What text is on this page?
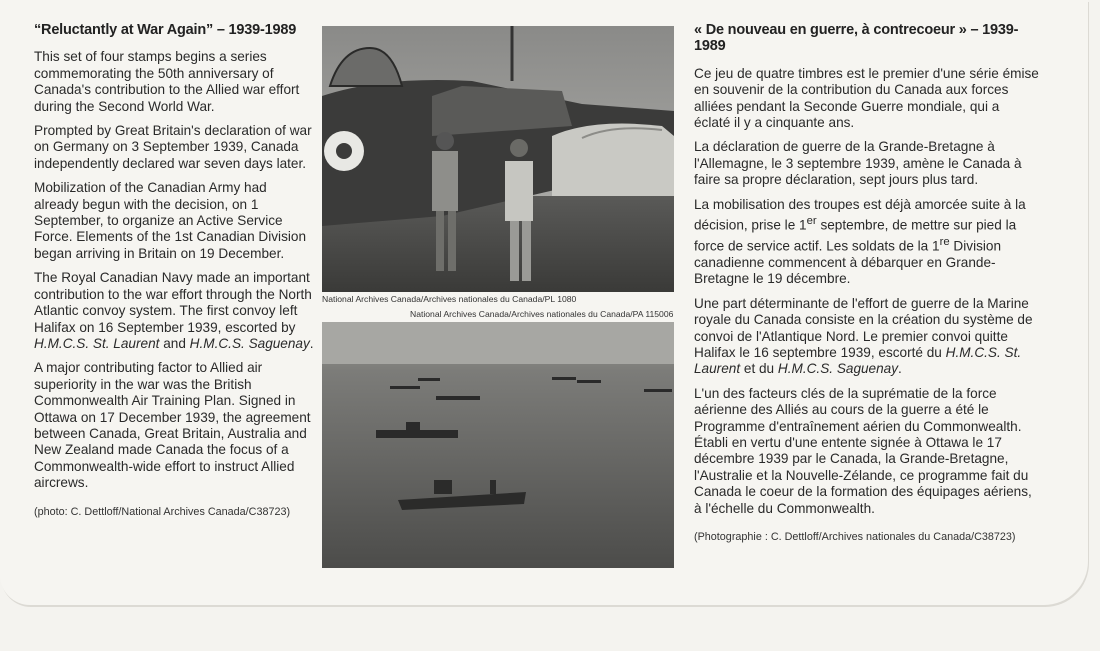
“Reluctantly at War Again” – 1939-1989

This set of four stamps begins a series commemorating the 50th anniversary of Canada's contribution to the Allied war effort during the Second World War.

Prompted by Great Britain's declaration of war on Germany on 3 September 1939, Canada independently declared war seven days later.

Mobilization of the Canadian Army had already begun with the decision, on 1 September, to organize an Active Service Force. Elements of the 1st Canadian Division began arriving in Britain on 19 December.

The Royal Canadian Navy made an important contribution to the war effort through the North Atlantic convoy system. The first convoy left Halifax on 16 September 1939, escorted by H.M.C.S. St. Laurent and H.M.C.S. Saguenay.

A major contributing factor to Allied air superiority in the war was the British Commonwealth Air Training Plan. Signed in Ottawa on 17 December 1939, the agreement between Canada, Great Britain, Australia and New Zealand made Canada the focus of a Commonwealth-wide effort to instruct Allied aircrews.

(photo: C. Dettloff/National Archives Canada/C38723)
National Archives Canada/Archives nationales du Canada/PL 1080
National Archives Canada/Archives nationales du Canada/PA 115006
« De nouveau en guerre, à contrecoeur » – 1939-1989

Ce jeu de quatre timbres est le premier d'une série émise en souvenir de la contribution du Canada aux forces alliées pendant la Seconde Guerre mondiale, qui a éclaté il y a cinquante ans.

La déclaration de guerre de la Grande-Bretagne à l'Allemagne, le 3 septembre 1939, amène le Canada à faire sa propre déclaration, sept jours plus tard.

La mobilisation des troupes est déjà amorcée suite à la décision, prise le 1er septembre, de mettre sur pied la force de service actif. Les soldats de la 1re Division canadienne commencent à débarquer en Grande-Bretagne le 19 décembre.

Une part déterminante de l'effort de guerre de la Marine royale du Canada consiste en la création du système de convoi de l'Atlantique Nord. Le premier convoi quitte Halifax le 16 septembre 1939, escorté du H.M.C.S. St. Laurent et du H.M.C.S. Saguenay.

L'un des facteurs clés de la suprématie de la force aérienne des Alliés au cours de la guerre a été le Programme d'entraînement aérien du Commonwealth. Établi en vertu d'une entente signée à Ottawa le 17 décembre 1939 par le Canada, la Grande-Bretagne, l'Australie et la Nouvelle-Zélande, ce programme fait du Canada le coeur de la formation des équipages aériens, à l'échelle du Commonwealth.

(Photographie : C. Dettloff/Archives nationales du Canada/C38723)
